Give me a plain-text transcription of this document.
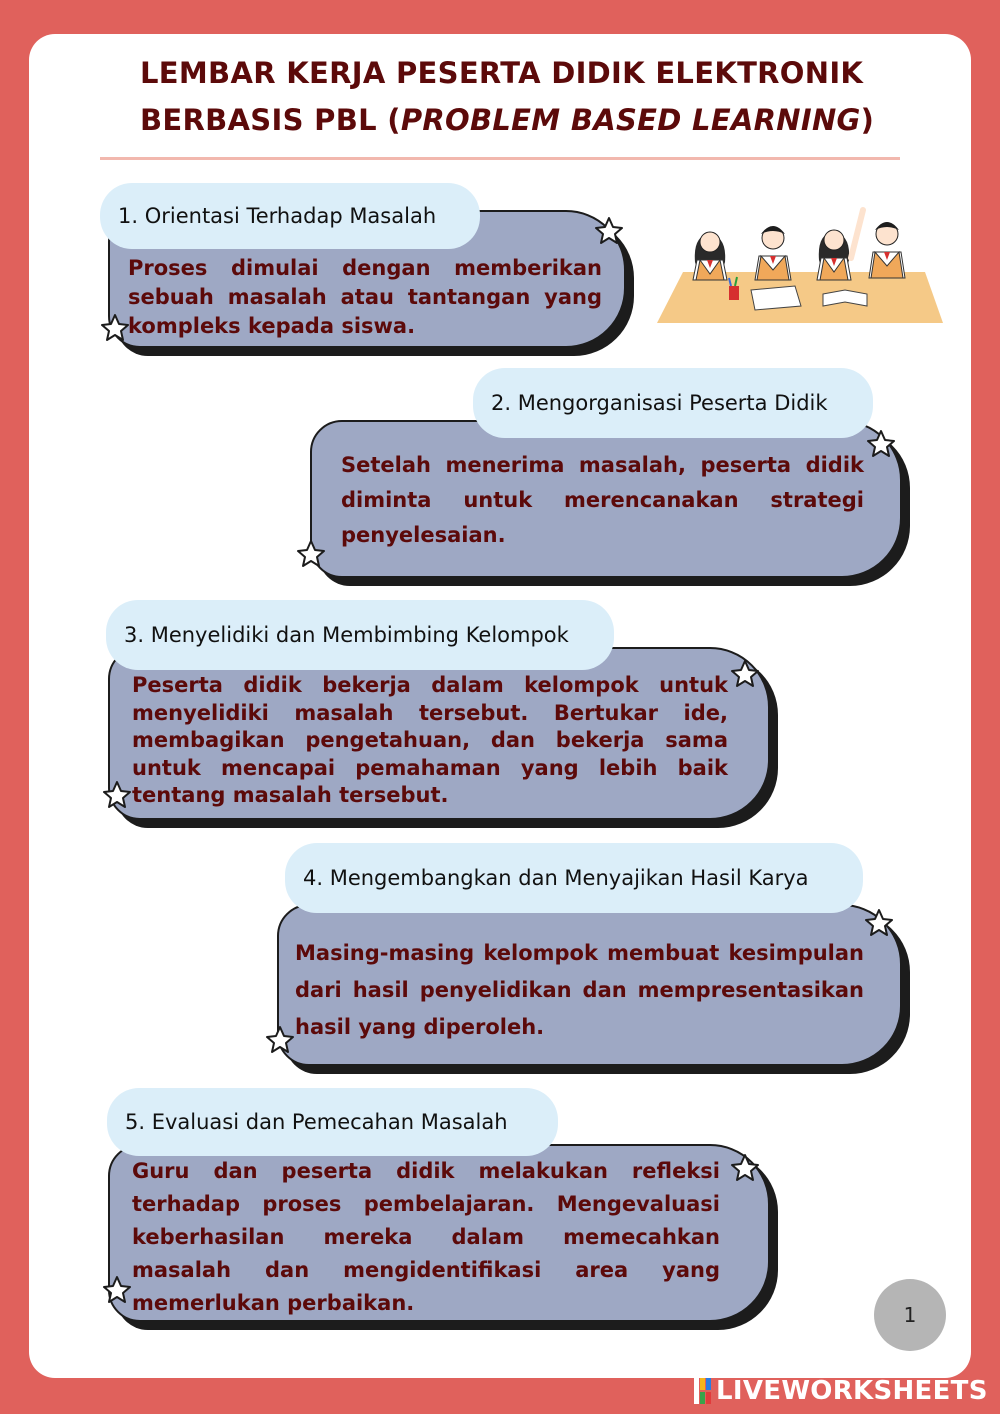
LEMBAR KERJA PESERTA DIDIK ELEKTRONIK
BERBASIS PBL (PROBLEM BASED LEARNING)
1. Orientasi Terhadap Masalah
Proses dimulai dengan memberikan sebuah masalah atau tantangan yang kompleks kepada siswa.
2. Mengorganisasi Peserta Didik
Setelah menerima masalah, peserta didik diminta untuk merencanakan strategi penyelesaian.
3. Menyelidiki dan Membimbing Kelompok
Peserta didik bekerja dalam kelompok untuk menyelidiki masalah tersebut. Bertukar ide, membagikan pengetahuan, dan bekerja sama untuk mencapai pemahaman yang lebih baik tentang masalah tersebut.
4. Mengembangkan dan Menyajikan Hasil Karya
Masing-masing kelompok membuat kesimpulan dari hasil penyelidikan dan mempresentasikan hasil yang diperoleh.
5. Evaluasi dan Pemecahan Masalah
Guru dan peserta didik melakukan refleksi terhadap proses pembelajaran. Mengevaluasi keberhasilan mereka dalam memecahkan masalah dan mengidentifikasi area yang memerlukan perbaikan.	1
LIVEWORKSHEETS
